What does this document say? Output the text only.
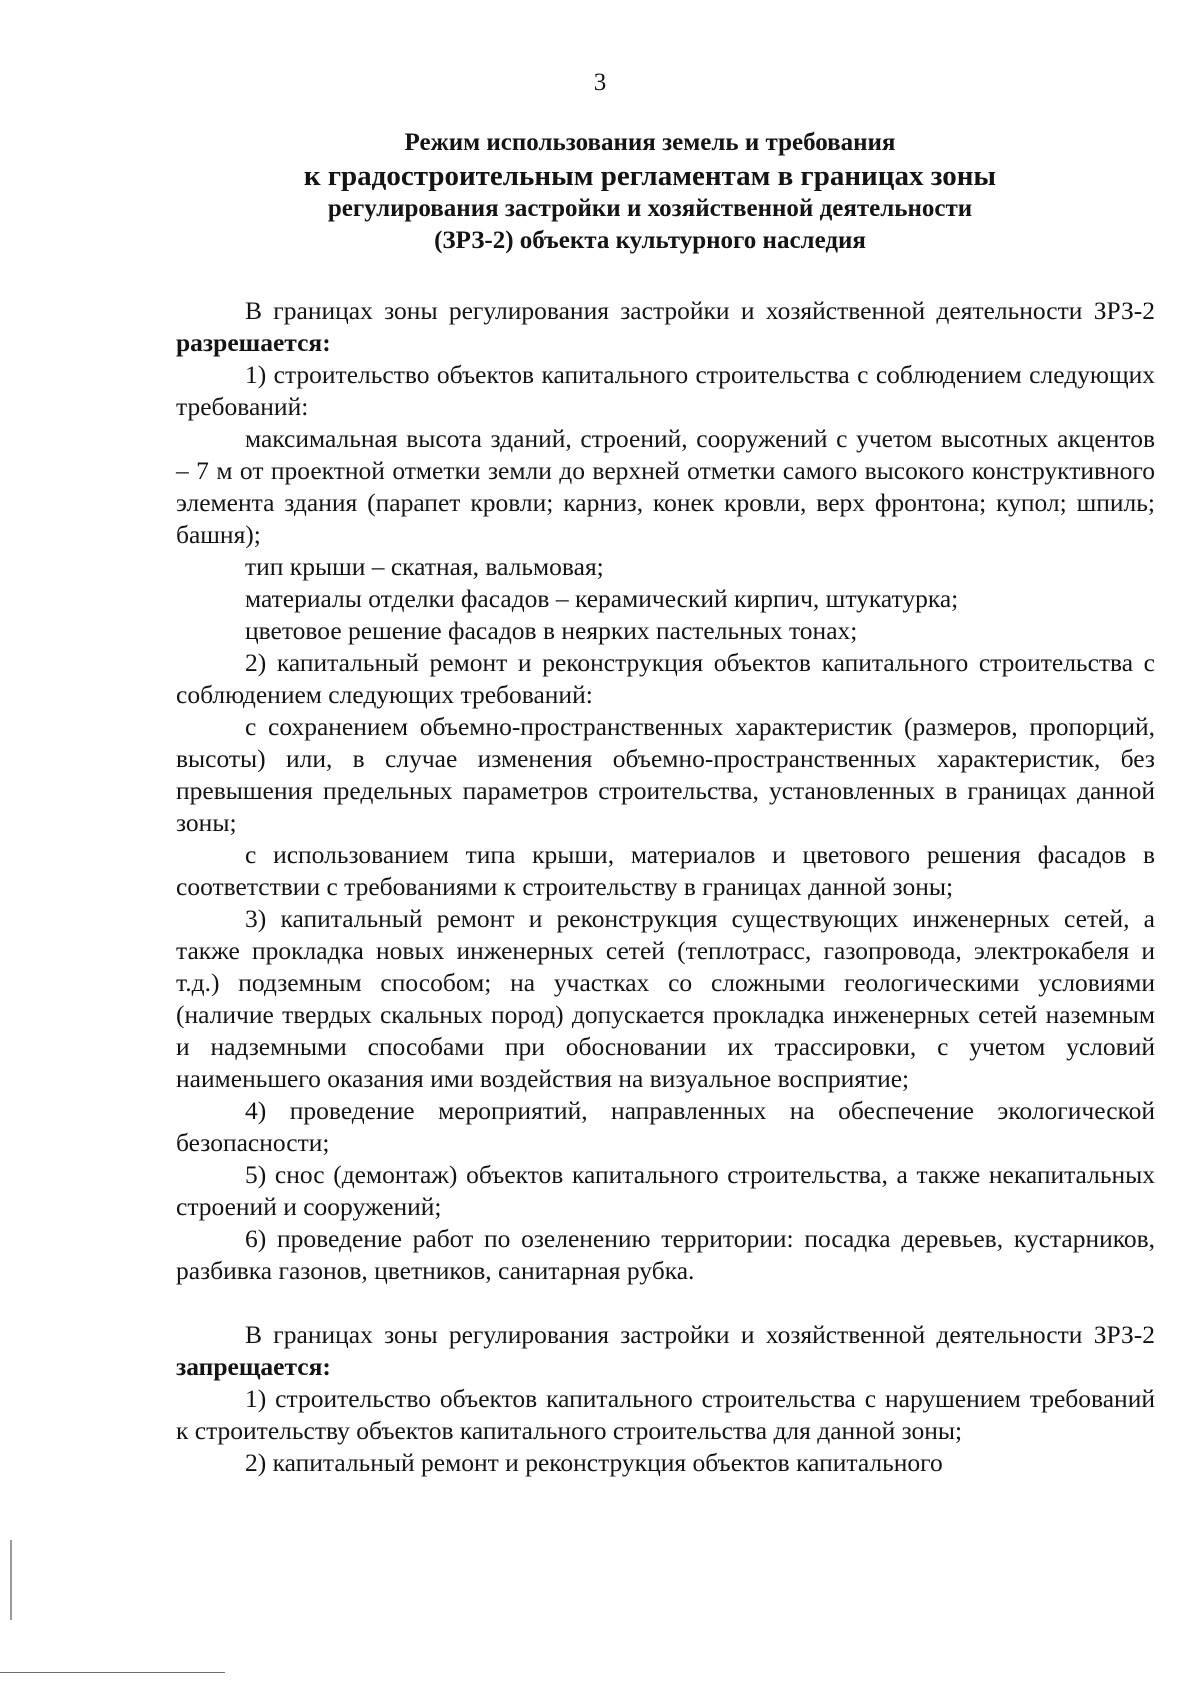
3
Режим использования земель и требования
к градостроительным регламентам в границах зоны
регулирования застройки и хозяйственной деятельности
(ЗРЗ-2) объекта культурного наследия

В границах зоны регулирования застройки и хозяйственной деятельности ЗРЗ-2 разрешается:

1) строительство объектов капитального строительства с соблюдением следующих требований:

максимальная высота зданий, строений, сооружений с учетом высотных акцентов – 7 м от проектной отметки земли до верхней отметки самого высокого конструктивного элемента здания (парапет кровли; карниз, конек кровли, верх фронтона; купол; шпиль; башня);

тип крыши – скатная, вальмовая;

материалы отделки фасадов – керамический кирпич, штукатурка;

цветовое решение фасадов в неярких пастельных тонах;

2) капитальный ремонт и реконструкция объектов капитального строительства с соблюдением следующих требований:

с сохранением объемно-пространственных характеристик (размеров, пропорций, высоты) или, в случае изменения объемно-пространственных характеристик, без превышения предельных параметров строительства, установленных в границах данной зоны;

с использованием типа крыши, материалов и цветового решения фасадов в соответствии с требованиями к строительству в границах данной зоны;

3) капитальный ремонт и реконструкция существующих инженерных сетей, а также прокладка новых инженерных сетей (теплотрасс, газопровода, электрокабеля и т.д.) подземным способом; на участках со сложными геологическими условиями (наличие твердых скальных пород) допускается прокладка инженерных сетей наземным и надземными способами при обосновании их трассировки, с учетом условий наименьшего оказания ими воздействия на визуальное восприятие;

4) проведение мероприятий, направленных на обеспечение экологической безопасности;

5) снос (демонтаж) объектов капитального строительства, а также некапитальных строений и сооружений;

6) проведение работ по озеленению территории: посадка деревьев, кустарников, разбивка газонов, цветников, санитарная рубка.

В границах зоны регулирования застройки и хозяйственной деятельности ЗРЗ-2 запрещается:

1) строительство объектов капитального строительства с нарушением требований к строительству объектов капитального строительства для данной зоны;

2) капитальный ремонт и реконструкция объектов капитального
